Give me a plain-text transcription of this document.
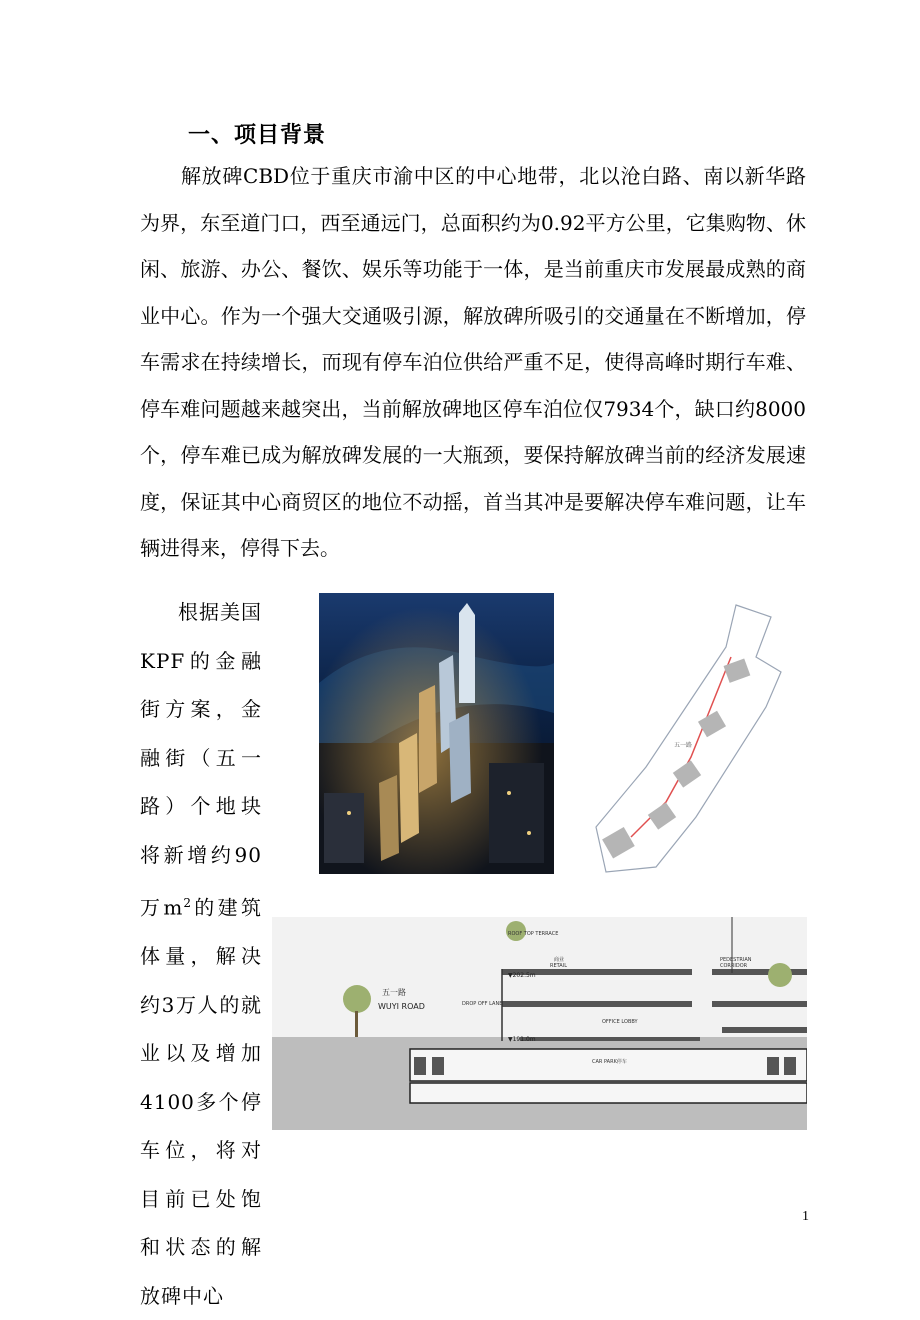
一、项目背景

解放碑CBD位于重庆市渝中区的中心地带，北以沧白路、南以新华路为界，东至道门口，西至通远门，总面积约为0.92平方公里，它集购物、休闲、旅游、办公、餐饮、娱乐等功能于一体，是当前重庆市发展最成熟的商业中心。作为一个强大交通吸引源，解放碑所吸引的交通量在不断增加，停车需求在持续增长，而现有停车泊位供给严重不足，使得高峰时期行车难、停车难问题越来越突出，当前解放碑地区停车泊位仅7934个，缺口约8000个，停车难已成为解放碑发展的一大瓶颈，要保持解放碑当前的经济发展速度，保证其中心商贸区的地位不动摇，首当其冲是要解决停车难问题，让车辆进得来，停得下去。

根据美国KPF的金融街方案，金融街（五一路）个地块将新增约90万$m^2$的建筑体量，解决约3万人的就业以及增加4100多个停车位，将对目前已处饱和状态的解放碑中心

五一路
五一路
WUYI ROAD
商业
RETAIL
PEDESTRIAN
CORRIDOR
OFFICE LOBBY
DROP OFF LANE
ROOF TOP TERRACE
CAR PARK停车
▼202.5m
▼191.0m
1
